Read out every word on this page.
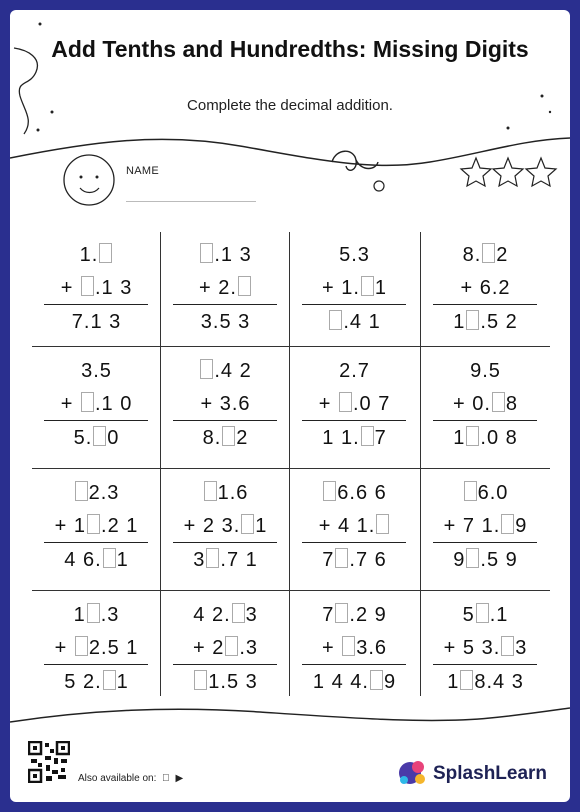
Add Tenths and Hundredths: Missing Digits
Complete the decimal addition.
NAME
1.
+ .1 3
7.1 3
.1 3
+ 2.
3.5 3
5.3
+ 1. 1
.4 1
8. 2
+ 6.2
1 .5 2
3.5
+ .1 0
5. 0
.4 2
+ 3.6
8. 2
2.7
+ .0 7
1 1. 7
9.5
+ 0. 8
1 .0 8
2.3
+ 1 .2 1
4 6. 1
1.6
+ 2 3. 1
3 .7 1
6.6 6
+ 4 1.
7 .7 6
6.0
+ 7 1. 9
9 .5 9
1 .3
+ 2.5 1
5 2. 1
4 2. 3
+ 2 .3
1.5 3
7 .2 9
+ 3.6
1 4 4. 9
5 .1
+ 5 3. 3
1 8.4 3
Also available on: ▶	SplashLearn
